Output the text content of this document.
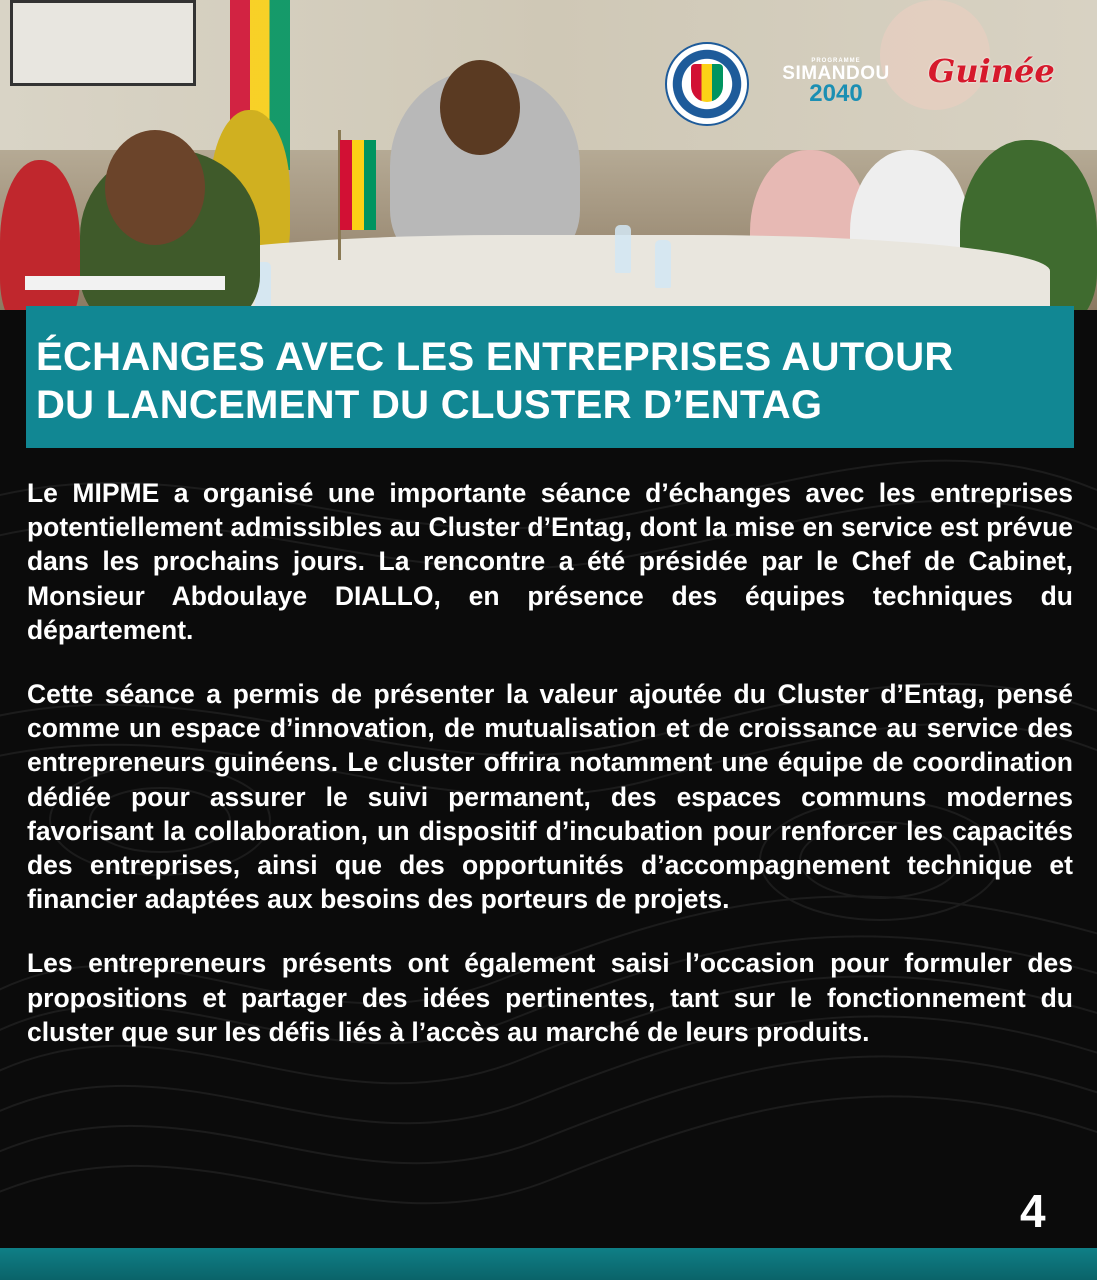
PROGRAMME
SIMANDOU
2040
Guinée
ÉCHANGES AVEC LES ENTREPRISES AUTOUR
DU LANCEMENT DU CLUSTER D’ENTAG

Le MIPME a organisé une importante séance d’échanges avec les entreprises potentiellement admissibles au Cluster d’Entag, dont la mise en service est prévue dans les prochains jours. La rencontre a été présidée par le Chef de Cabinet, Monsieur Abdoulaye DIALLO, en présence des équipes techniques du département.

Cette séance a permis de présenter la valeur ajoutée du Cluster d’Entag, pensé comme un espace d’innovation, de mutualisation et de croissance au service des entrepreneurs guinéens. Le cluster offrira notamment une équipe de coordination dédiée pour assurer le suivi permanent, des espaces communs modernes favorisant la collaboration, un dispositif d’incubation pour renforcer les capacités des entreprises, ainsi que des opportunités d’accompagnement technique et financier adaptées aux besoins des porteurs de projets.

Les entrepreneurs présents ont également saisi l’occasion pour formuler des propositions et partager des idées pertinentes, tant sur le fonctionnement du cluster que sur les défis liés à l’accès au marché de leurs produits.

4
